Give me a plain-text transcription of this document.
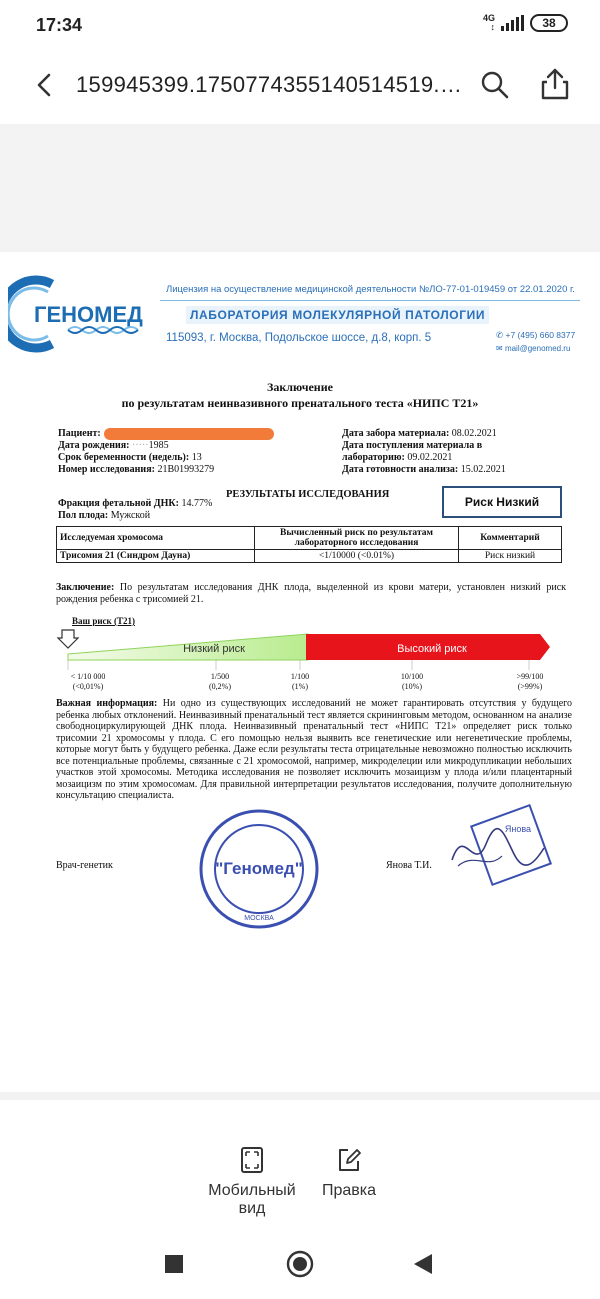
17:34	4G
↕	38
159945399.1750774355140514519.…
ГЕНОМЕД
Лицензия на осуществление медицинской деятельности №ЛО-77-01-019459 от 22.01.2020 г.
ЛАБОРАТОРИЯ МОЛЕКУЛЯРНОЙ ПАТОЛОГИИ
115093, г. Москва, Подольское шоссе, д.8, корп. 5	✆ +7 (495) 660 8377
✉ mail@genomed.ru
Заключение
по результатам неинвазивного пренатального теста «НИПС Т21»
Пациент:
Дата рождения: ·····1985
Срок беременности (недель): 13
Номер исследования: 21B01993279
Дата забора материала: 08.02.2021
Дата поступления материала в
лабораторию: 09.02.2021
Дата готовности анализа: 15.02.2021
РЕЗУЛЬТАТЫ ИССЛЕДОВАНИЯ
Риск Низкий
Фракция фетальной ДНК: 14.77%
Пол плода: Мужской
Исследуемая хромосома	Вычисленный риск по результатам лабораторного исследования	Комментарий
Трисомия 21 (Синдром Дауна)	<1/10000 (<0.01%)	Риск низкий
Заключение: По результатам исследования ДНК плода, выделенной из крови матери, установлен низкий риск рождения ребенка с трисомией 21.
Ваш риск (Т21)
Низкий риск	Высокий риск
< 1/10 000
(<0,01%)
1/500
(0,2%)
1/100
(1%)
10/100
(10%)
>99/100
(>99%)
Важная информация: Ни одно из существующих исследований не может гарантировать отсутствия у будущего ребенка любых отклонений. Неинвазивный пренатальный тест является скрининговым методом, основанном на анализе свободноциркулирующей ДНК плода. Неинвазивный пренатальный тест «НИПС Т21» определяет риск только трисомии 21 хромосомы у плода. С его помощью нельзя выявить все генетические или негенетические проблемы, которые могут быть у будущего ребенка. Даже если результаты теста отрицательные невозможно полностью исключить все потенциальные проблемы, связанные с 21 хромосомой, например, микроделеции или микродупликации небольших участков этой хромосомы. Методика исследования не позволяет исключить мозаицизм у плода и/или плацентарный мозаицизм по этим хромосомам. Для правильной интерпретации результатов исследования, получите дополнительную консультацию специалиста.
Врач-генетик	"Геномед"
МОСКВА
Янова Т.И.
Янова
Мобильный вид
Правка
